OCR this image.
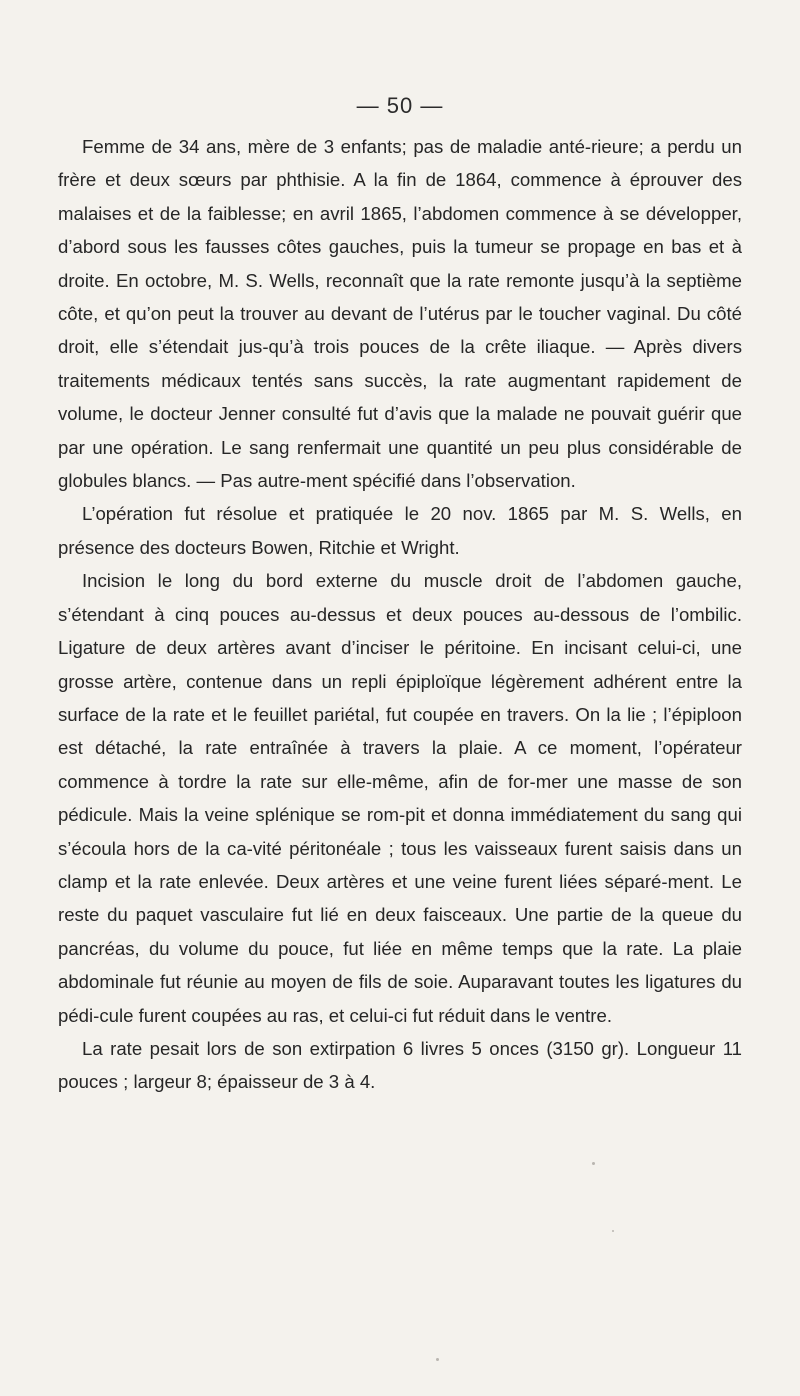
— 50 —

Femme de 34 ans, mère de 3 enfants; pas de maladie anté-rieure; a perdu un frère et deux sœurs par phthisie. A la fin de 1864, commence à éprouver des malaises et de la faiblesse; en avril 1865, l’abdomen commence à se développer, d’abord sous les fausses côtes gauches, puis la tumeur se propage en bas et à droite. En octobre, M. S. Wells, reconnaît que la rate remonte jusqu’à la septième côte, et qu’on peut la trouver au devant de l’utérus par le toucher vaginal. Du côté droit, elle s’étendait jus-qu’à trois pouces de la crête iliaque. — Après divers traitements médicaux tentés sans succès, la rate augmentant rapidement de volume, le docteur Jenner consulté fut d’avis que la malade ne pouvait guérir que par une opération. Le sang renfermait une quantité un peu plus considérable de globules blancs. — Pas autre-ment spécifié dans l’observation.

L’opération fut résolue et pratiquée le 20 nov. 1865 par M. S. Wells, en présence des docteurs Bowen, Ritchie et Wright.

Incision le long du bord externe du muscle droit de l’abdomen gauche, s’étendant à cinq pouces au-dessus et deux pouces au-dessous de l’ombilic. Ligature de deux artères avant d’inciser le péritoine. En incisant celui-ci, une grosse artère, contenue dans un repli épiploïque légèrement adhérent entre la surface de la rate et le feuillet pariétal, fut coupée en travers. On la lie ; l’épiploon est détaché, la rate entraînée à travers la plaie. A ce moment, l’opérateur commence à tordre la rate sur elle-même, afin de for-mer une masse de son pédicule. Mais la veine splénique se rom-pit et donna immédiatement du sang qui s’écoula hors de la ca-vité péritonéale ; tous les vaisseaux furent saisis dans un clamp et la rate enlevée. Deux artères et une veine furent liées séparé-ment. Le reste du paquet vasculaire fut lié en deux faisceaux. Une partie de la queue du pancréas, du volume du pouce, fut liée en même temps que la rate. La plaie abdominale fut réunie au moyen de fils de soie. Auparavant toutes les ligatures du pédi-cule furent coupées au ras, et celui-ci fut réduit dans le ventre.

La rate pesait lors de son extirpation 6 livres 5 onces (3150 gr). Longueur 11 pouces ; largeur 8; épaisseur de 3 à 4.
